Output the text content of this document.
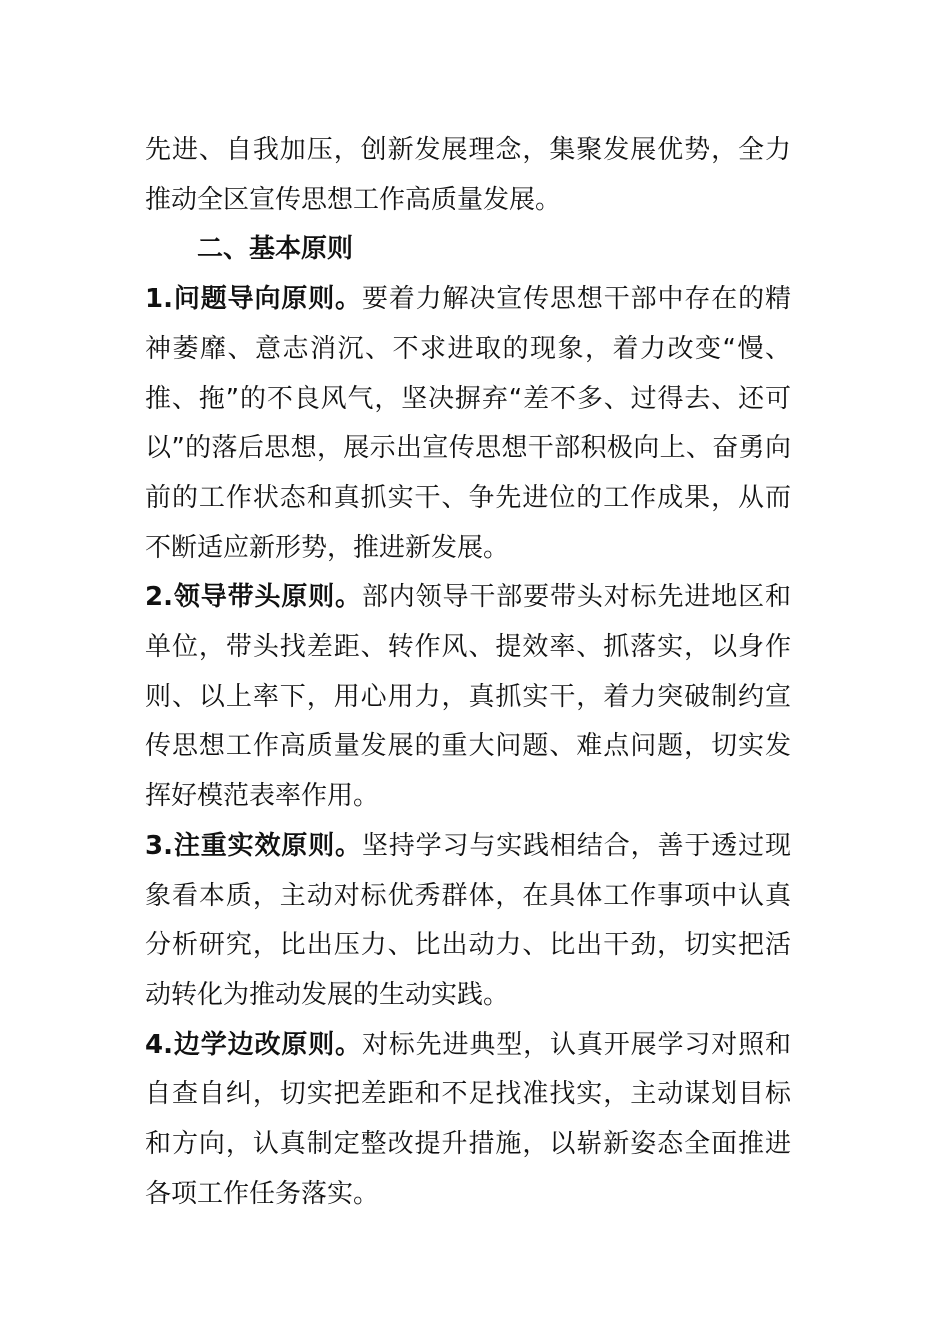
先进、自我加压，创新发展理念，集聚发展优势，全力推动全区宣传思想工作高质量发展。

二、基本原则

1.问题导向原则。要着力解决宣传思想干部中存在的精神萎靡、意志消沉、不求进取的现象，着力改变“慢、推、拖”的不良风气，坚决摒弃“差不多、过得去、还可以”的落后思想，展示出宣传思想干部积极向上、奋勇向前的工作状态和真抓实干、争先进位的工作成果，从而不断适应新形势，推进新发展。

2.领导带头原则。部内领导干部要带头对标先进地区和单位，带头找差距、转作风、提效率、抓落实，以身作则、以上率下，用心用力，真抓实干，着力突破制约宣传思想工作高质量发展的重大问题、难点问题，切实发挥好模范表率作用。

3.注重实效原则。坚持学习与实践相结合，善于透过现象看本质，主动对标优秀群体，在具体工作事项中认真分析研究，比出压力、比出动力、比出干劲，切实把活动转化为推动发展的生动实践。

4.边学边改原则。对标先进典型，认真开展学习对照和自查自纠，切实把差距和不足找准找实，主动谋划目标和方向，认真制定整改提升措施，以崭新姿态全面推进各项工作任务落实。
